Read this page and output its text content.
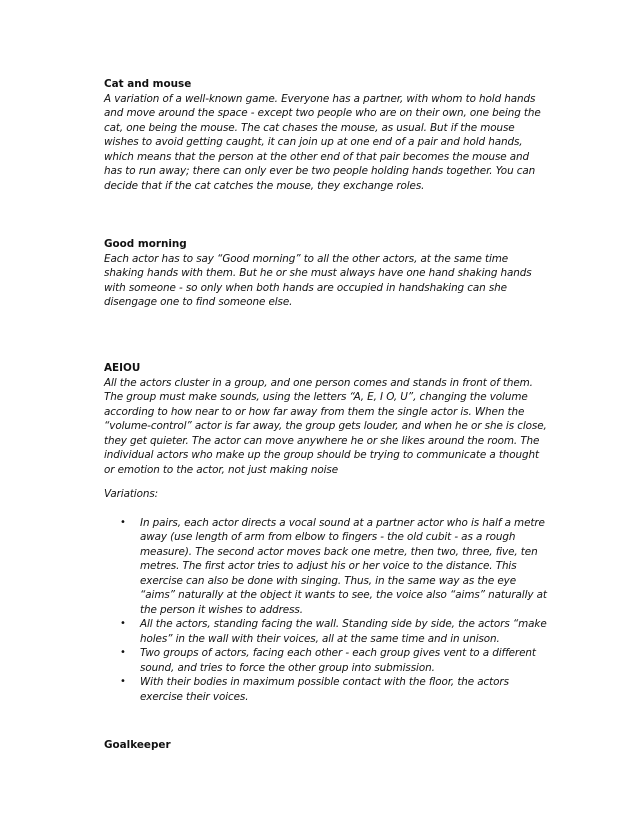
Cat and mouse

A variation of a well-known game. Everyone has a partner, with whom to hold hands and move around the space - except two people who are on their own, one being the cat, one being the mouse. The cat chases the mouse, as usual. But if the mouse wishes to avoid getting caught, it can join up at one end of a pair and hold hands, which means that the person at the other end of that pair becomes the mouse and has to run away; there can only ever be two people holding hands together. You can decide that if the cat catches the mouse, they exchange roles.

Good morning

Each actor has to say “Good morning” to all the other actors, at the same time shaking hands with them. But he or she must always have one hand shaking hands with someone - so only when both hands are occupied in handshaking can she disengage one to find someone else.

AEIOU

All the actors cluster in a group, and one person comes and stands in front of them. The group must make sounds, using the letters “A, E, I O, U”, changing the volume according to how near to or how far away from them the single actor is. When the “volume-control” actor is far away, the group gets louder, and when he or she is close, they get quieter. The actor can move anywhere he or she likes around the room. The individual actors who make up the group should be trying to communicate a thought or emotion to the actor, not just making noise

Variations:

• In pairs, each actor directs a vocal sound at a partner actor who is half a metre away (use length of arm from elbow to fingers - the old cubit - as a rough measure). The second actor moves back one metre, then two, three, five, ten metres. The first actor tries to adjust his or her voice to the distance. This exercise can also be done with singing. Thus, in the same way as the eye “aims” naturally at the object it wants to see, the voice also “aims” naturally at the person it wishes to address.
• All the actors, standing facing the wall. Standing side by side, the actors “make holes” in the wall with their voices, all at the same time and in unison.
• Two groups of actors, facing each other - each group gives vent to a different sound, and tries to force the other group into submission.
• With their bodies in maximum possible contact with the floor, the actors exercise their voices.

Goalkeeper
